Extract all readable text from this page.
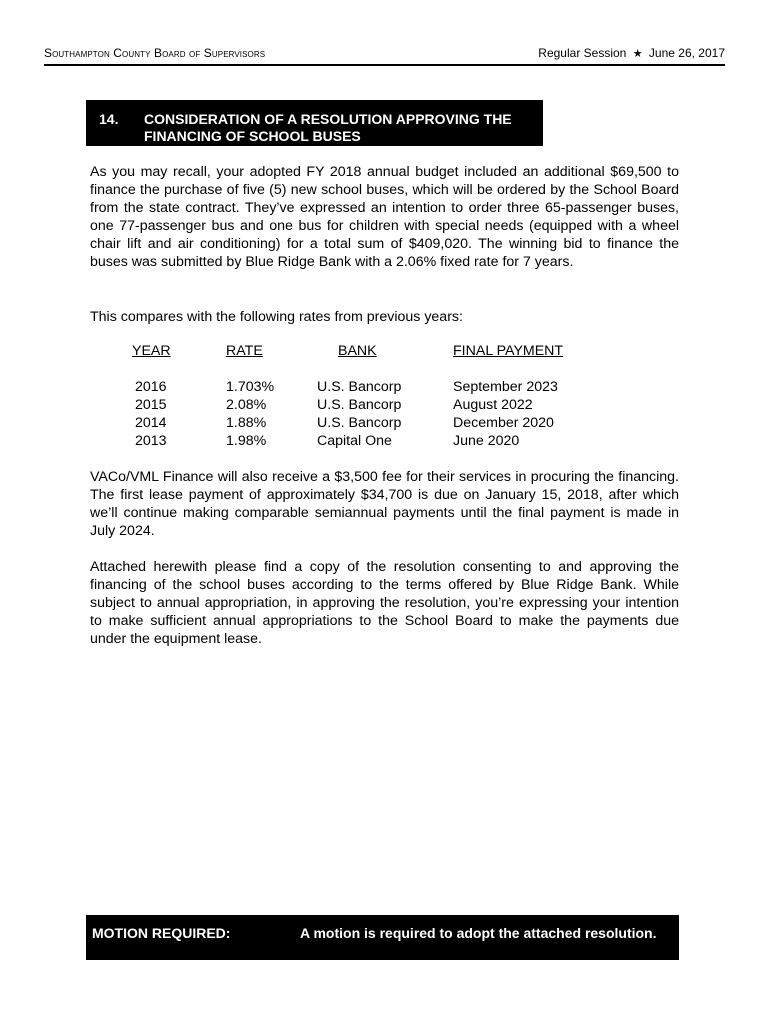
Southampton County Board of Supervisors	Regular Session ★ June 26, 2017
14. CONSIDERATION OF A RESOLUTION APPROVING THE FINANCING OF SCHOOL BUSES
As you may recall, your adopted FY 2018 annual budget included an additional $69,500 to finance the purchase of five (5) new school buses, which will be ordered by the School Board from the state contract. They’ve expressed an intention to order three 65-passenger buses, one 77-passenger bus and one bus for children with special needs (equipped with a wheel chair lift and air conditioning) for a total sum of $409,020. The winning bid to finance the buses was submitted by Blue Ridge Bank with a 2.06% fixed rate for 7 years.
This compares with the following rates from previous years:
YEAR	RATE	BANK	FINAL PAYMENT
2016	1.703%	U.S. Bancorp	September 2023
2015	2.08%	U.S. Bancorp	August 2022
2014	1.88%	U.S. Bancorp	December 2020
2013	1.98%	Capital One	June 2020
VACo/VML Finance will also receive a $3,500 fee for their services in procuring the financing. The first lease payment of approximately $34,700 is due on January 15, 2018, after which we’ll continue making comparable semiannual payments until the final payment is made in July 2024.
Attached herewith please find a copy of the resolution consenting to and approving the financing of the school buses according to the terms offered by Blue Ridge Bank. While subject to annual appropriation, in approving the resolution, you’re expressing your intention to make sufficient annual appropriations to the School Board to make the payments due under the equipment lease.
MOTION REQUIRED:	A motion is required to adopt the attached resolution.
